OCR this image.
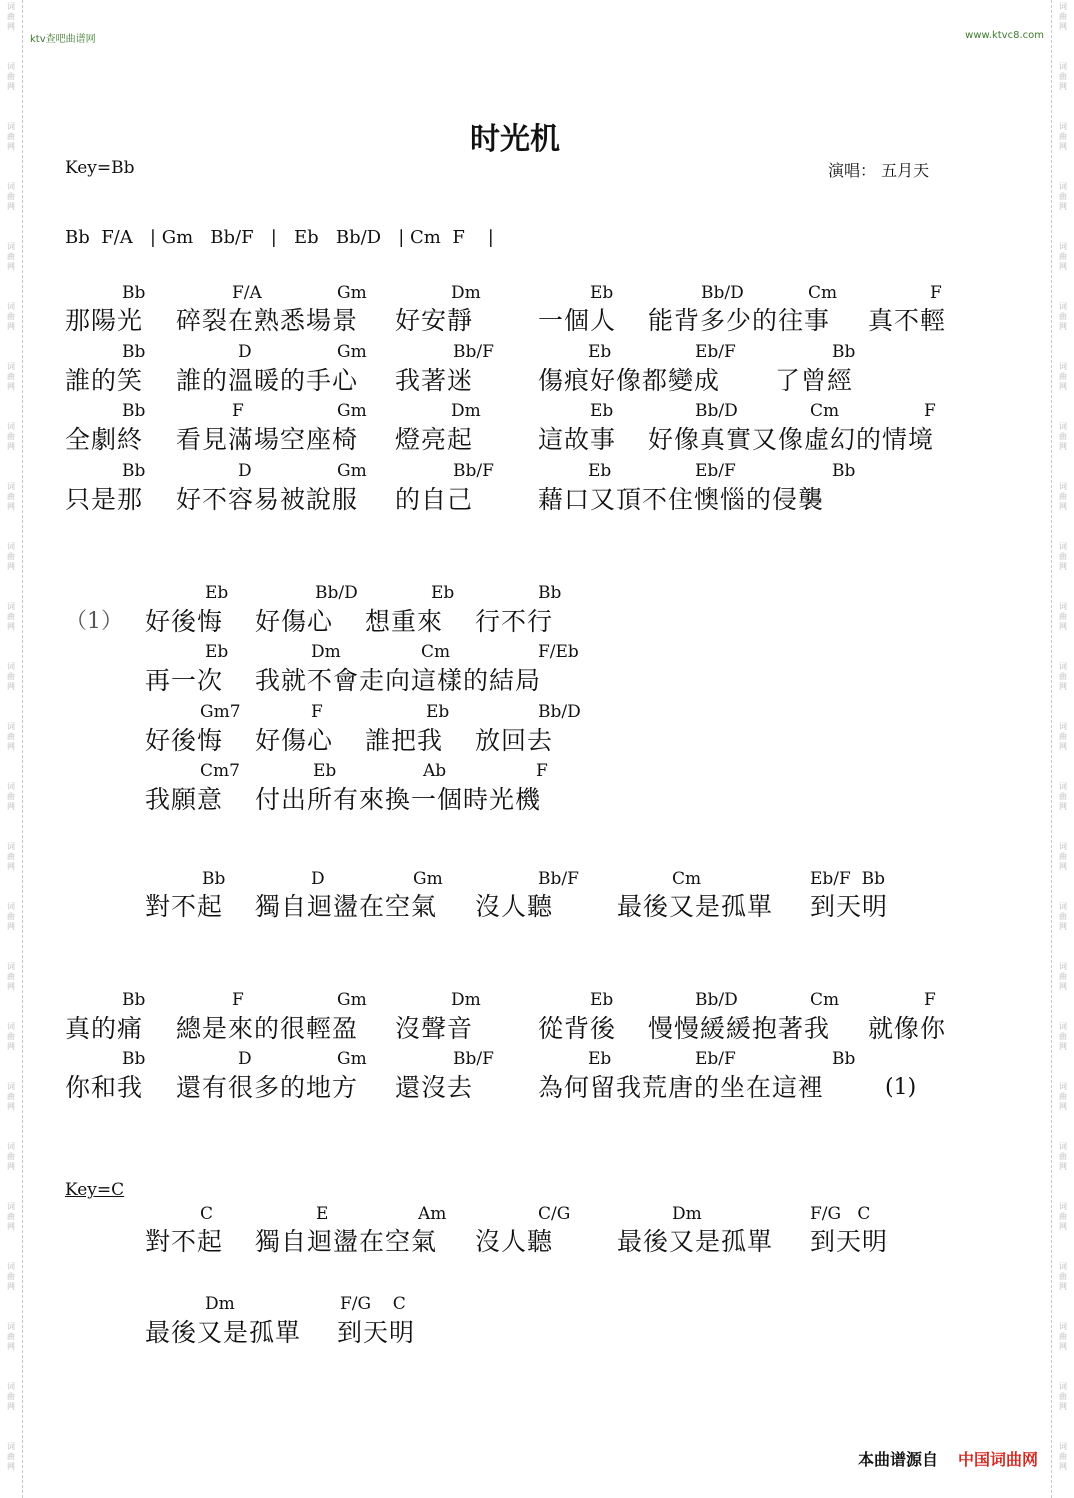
词曲网
词曲网
词曲网
词曲网
词曲网
词曲网
词曲网
词曲网
词曲网
词曲网
词曲网
词曲网
词曲网
词曲网
词曲网
词曲网
词曲网
词曲网
词曲网
词曲网
词曲网
词曲网
词曲网
词曲网
词曲网
词曲网
词曲网
词曲网
词曲网
词曲网
词曲网
词曲网
词曲网
词曲网
词曲网
词曲网
词曲网
词曲网
词曲网
词曲网
词曲网
词曲网
词曲网
词曲网
词曲网
词曲网
词曲网
词曲网
词曲网
词曲网
ktv查吧曲谱网	www.ktvc8.com
时光机
Key=Bb	演唱： 五月天
Bb  F/A   | Gm   Bb/F   |   Eb   Bb/D   | Cm  F    |
Bb	F/A	Gm	Dm	Eb	Bb/D	Cm	F
那陽光 碎裂在熟悉場景 好安靜	一個人 能背多少的往事 真不輕
Bb	D	Gm	Bb/F	Eb	Eb/F	Bb
誰的笑 誰的溫暖的手心 我著迷	傷痕好像都變成 了曾經
Bb	F	Gm	Dm	Eb	Bb/D	Cm	F
全劇終 看見滿場空座椅 燈亮起	這故事 好像真實又像虛幻的情境
Bb	D	Gm	Bb/F	Eb	Eb/F	Bb
只是那 好不容易被說服 的自己	藉口又頂不住懊惱的侵襲
（1）
Eb	Bb/D	Eb	Bb
好後悔 好傷心 想重來 行不行
Eb	Dm	Cm	F/Eb
再一次 我就不會走向這樣的結局
Gm7	F	Eb	Bb/D
好後悔 好傷心 誰把我 放回去
Cm7	Eb	Ab	F
我願意 付出所有來換一個時光機
Bb	D	Gm	Bb/F	Cm	Eb/F  Bb
對不起 獨自迴盪在空氣 沒人聽	最後又是孤單 到天明
Bb	F	Gm	Dm	Eb	Bb/D	Cm	F
真的痛 總是來的很輕盈 沒聲音	從背後 慢慢緩緩抱著我 就像你
Bb	D	Gm	Bb/F	Eb	Eb/F	Bb
你和我 還有很多的地方 還沒去	為何留我荒唐的坐在這裡	(1)
Key=C
C	E	Am	C/G	Dm	F/G   C
對不起 獨自迴盪在空氣 沒人聽	最後又是孤單 到天明
Dm	F/G    C
最後又是孤單 到天明
本曲谱源自 中国词曲网
